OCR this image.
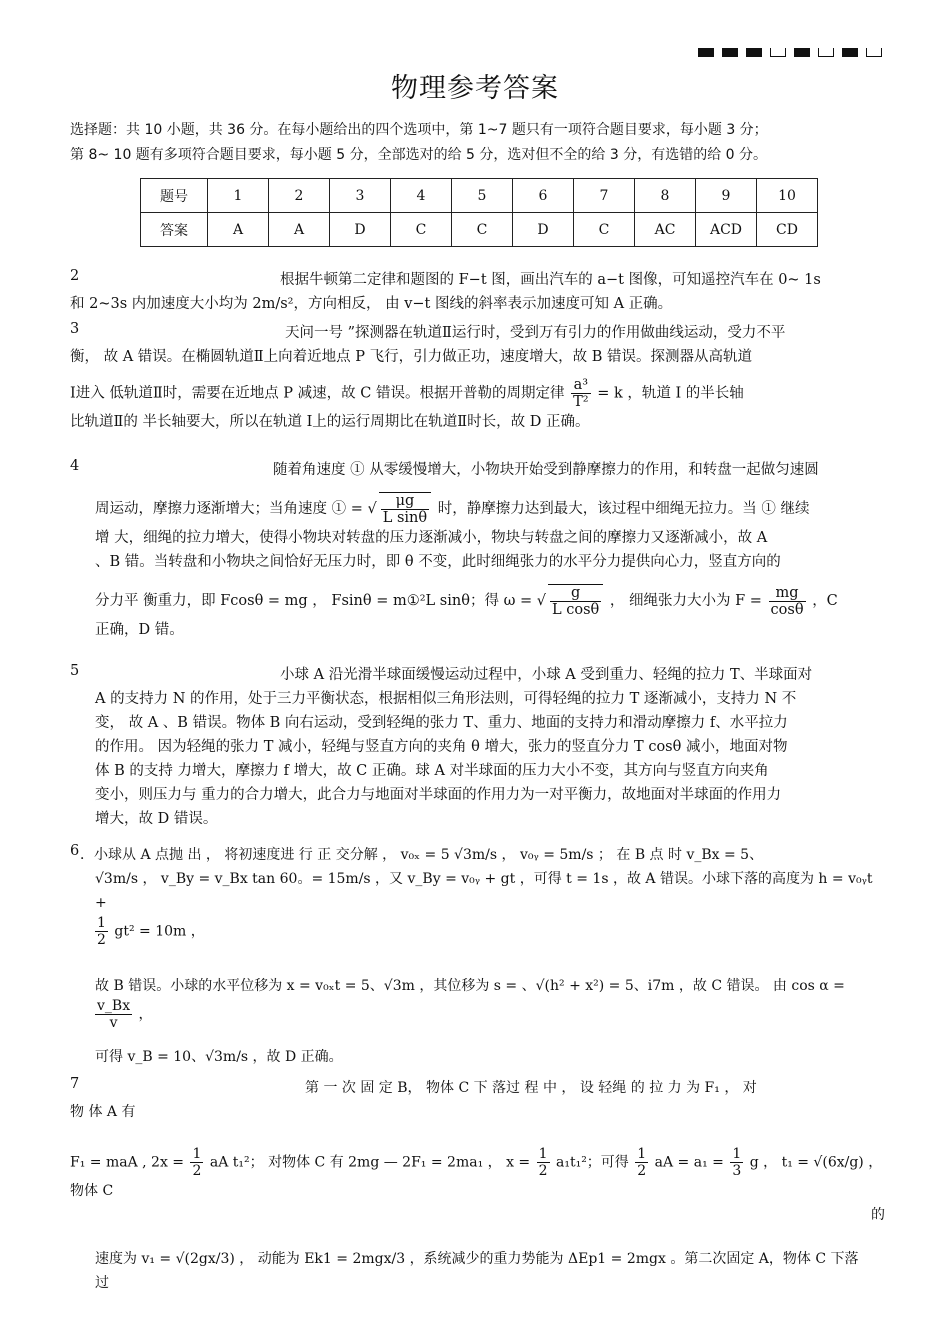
物理参考答案

选择题：共 10 小题，共 36 分。在每小题给出的四个选项中，第 1~7 题只有一项符合题目要求，每小题 3 分；

第 8~ 10 题有多项符合题目要求，每小题 5 分，全部选对的给 5 分，选对但不全的给 3 分，有选错的给 0 分。

题号	1	2	3	4	5	6	7	8	9	10
答案	A	A	D	C	C	D	C	AC	ACD	CD
2	根据牛顿第二定律和题图的 F−t 图，画出汽车的 a−t 图像，可知遥控汽车在 0~ 1s

和 2~3s 内加速度大小均为 2m/s²，方向相反， 由 v−t 图线的斜率表示加速度可知 A 正确。

3	天问一号 ”探测器在轨道Ⅱ运行时，受到万有引力的作用做曲线运动，受力不平

衡， 故 A 错误。在椭圆轨道Ⅱ上向着近地点 P 飞行，引力做正功，速度增大，故 B 错误。探测器从高轨道

Ⅰ进入 低轨道Ⅱ时，需要在近地点 P 减速，故 C 错误。根据开普勒的周期定律 $\frac{\text{a³}}{\text{T²}} = k$ ，轨道 Ⅰ 的半长轴

比轨道Ⅱ的 半长轴要大，所以在轨道 Ⅰ上的运行周期比在轨道Ⅱ时长，故 D 正确。

4	随着角速度 ① 从零缓慢增大，小物块开始受到静摩擦力的作用，和转盘一起做匀速圆

周运动，摩擦力逐渐增大；当角速度 ① = √ $\frac{\mu g}{\text{L sinθ}}$ 时，静摩擦力达到最大，该过程中细绳无拉力。当 ① 继续

增 大，细绳的拉力增大，使得小物块对转盘的压力逐渐减小，物块与转盘之间的摩擦力又逐渐减小，故 A

、B 错。当转盘和小物块之间恰好无压力时，即 θ 不变，此时细绳张力的水平分力提供向心力，竖直方向的

分力平 衡重力，即 Fcosθ = mg ， Fsinθ = m①²L sinθ；得 ω = √ $\frac{g}{\text{L cosθ}}$ ， 细绳张力大小为 $F = \frac{mg}{\cos\theta}$ ，C

正确，D 错。

5	小球 A 沿光滑半球面缓慢运动过程中，小球 A 受到重力、轻绳的拉力 T、半球面对

A 的支持力 N 的作用，处于三力平衡状态，根据相似三角形法则，可得轻绳的拉力 T 逐渐减小，支持力 N 不

变， 故 A 、B 错误。物体 B 向右运动，受到轻绳的张力 T、重力、地面的支持力和滑动摩擦力 f、水平拉力

的作用。 因为轻绳的张力 T 减小，轻绳与竖直方向的夹角 θ 增大，张力的竖直分力 T cosθ 减小，地面对物

体 B 的支持 力增大，摩擦力 f 增大，故 C 正确。球 A 对半球面的压力大小不变，其方向与竖直方向夹角

变小，则压力与 重力的合力增大，此合力与地面对半球面的作用力为一对平衡力，故地面对半球面的作用力

增大，故 D 错误。

6 ．小球从 A 点抛 出 ， 将初速度进 行 正 交分解 ， v₀ₓ = 5 √3m/s ， v₀ᵧ = 5m/s ； 在 B 点 时 v_Bx = 5、

√3m/s ， v_By = v_Bx tan 60。= 15m/s ，又 v_By = v₀ᵧ + gt ，可得 t = 1s ，故 A 错误。小球下落的高度为 h = v₀ᵧt +

$\frac{1}{2} gt^2 = 10m$ ，

故 B 错误。小球的水平位移为 x = v₀ₓt = 5、√3m ，其位移为 s = 、√(h² + x²) = 5、i7m ，故 C 错误。 由 cos α =

$\frac{v\_Bx}{v}$ ，

可得 v_B = 10、√3m/s ，故 D 正确。

7	第 一 次 固 定 B， 物体 C 下 落过 程 中 ， 设 轻绳 的 拉 力 为 F₁ ， 对

物 体 A 有

F₁ = maA , $2x = \frac{1}{2}$ aA t₁²； 对物体 C 有 2mg — 2F₁ = 2ma₁ ， $x = \frac{1}{2} a_1t_1^2$；可得 $\frac{1}{2}$ aA = $a_1 = \frac{1}{3}$ g ， t₁ = √(6x/g) ， 物体 C

的

速度为 v₁ = √(2gx/3) ， 动能为 Ek1 = 2mgx/3 ，系统减少的重力势能为 ΔEp1 = 2mgx 。第二次固定 A，物体 C 下落

过
